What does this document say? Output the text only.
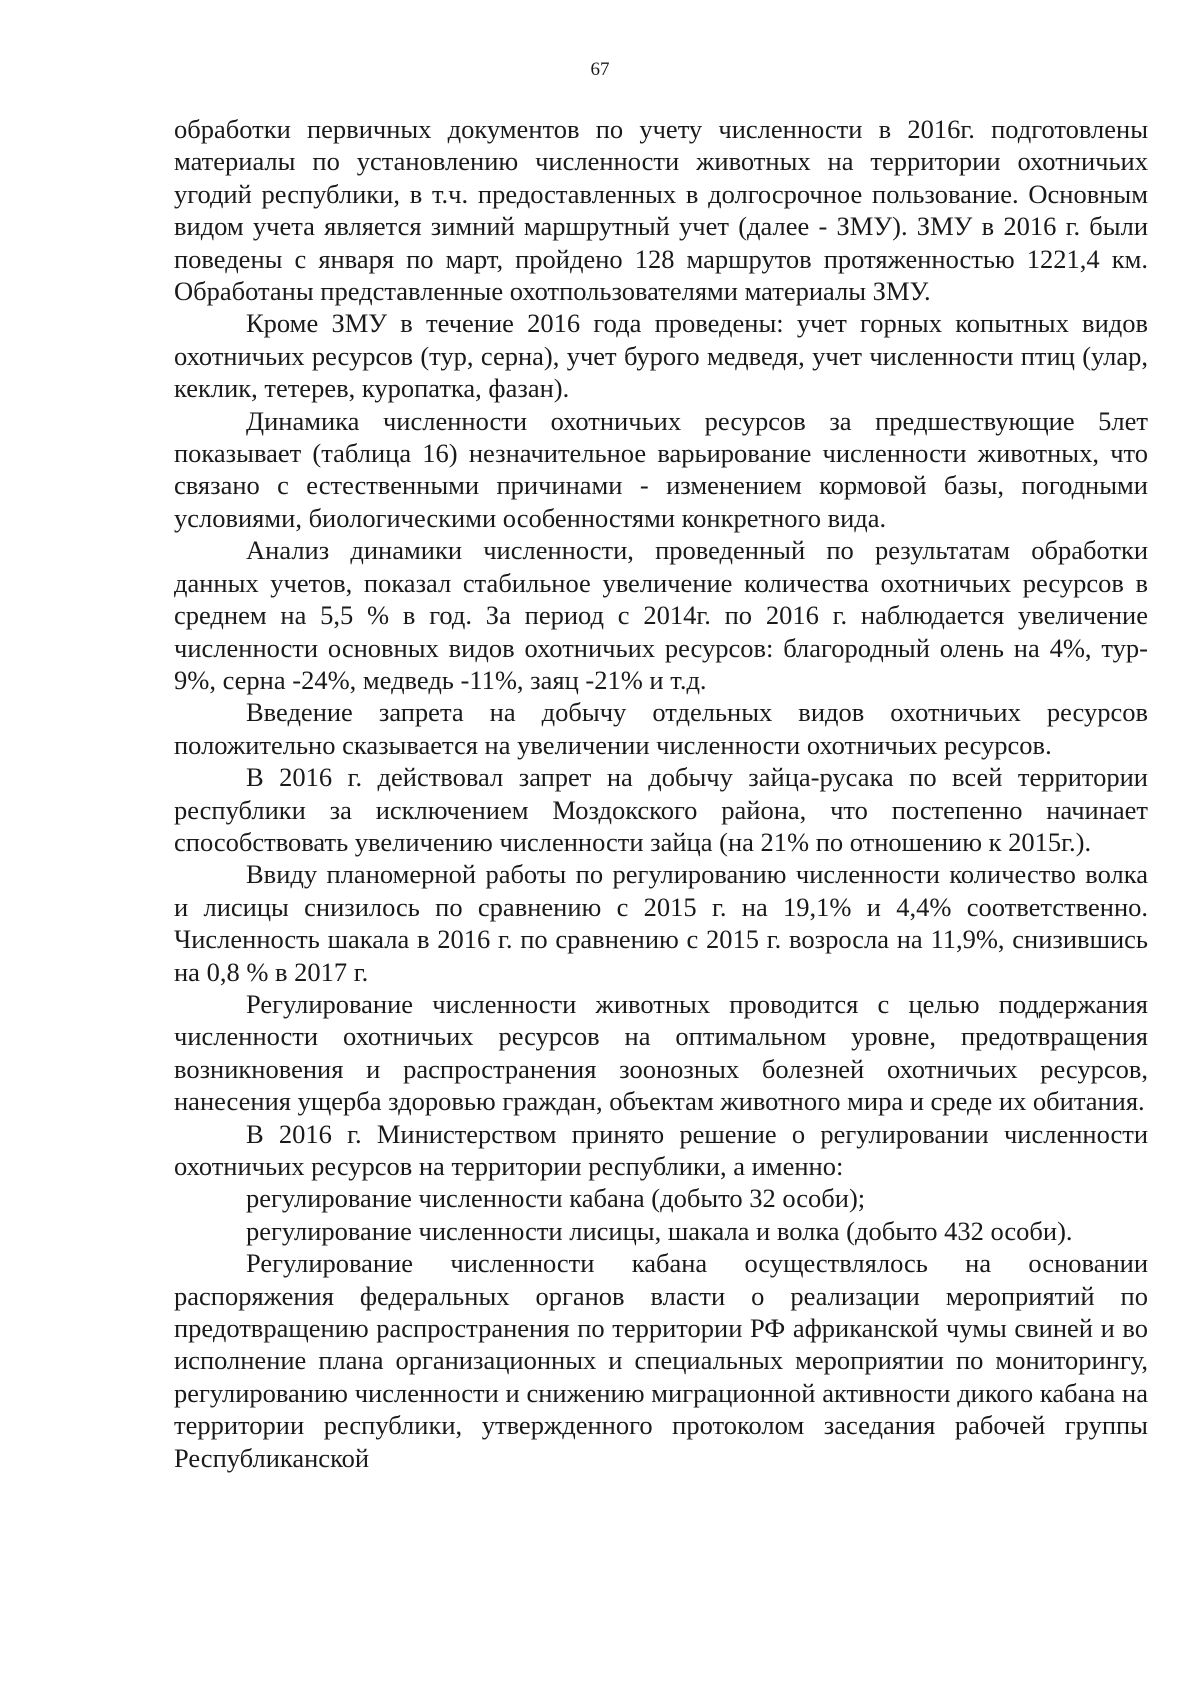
67

обработки первичных документов по учету численности в 2016г. подготовлены материалы по установлению численности животных на территории охотничьих угодий республики, в т.ч. предоставленных в долгосрочное пользование. Основным видом учета является зимний маршрутный учет (далее - ЗМУ). ЗМУ в 2016 г. были поведены с января по март, пройдено 128 маршрутов протяженностью 1221,4 км. Обработаны представленные охотпользователями материалы ЗМУ.

Кроме ЗМУ в течение 2016 года проведены: учет горных копытных видов охотничьих ресурсов (тур, серна), учет бурого медведя, учет численности птиц (улар, кеклик, тетерев, куропатка, фазан).

Динамика численности охотничьих ресурсов за предшествующие 5лет показывает (таблица 16) незначительное варьирование численности животных, что связано с естественными причинами - изменением кормовой базы, погодными условиями, биологическими особенностями конкретного вида.

Анализ динамики численности, проведенный по результатам обработки данных учетов, показал стабильное увеличение количества охотничьих ресурсов в среднем на 5,5 % в год. За период с 2014г. по 2016 г. наблюдается увеличение численности основных видов охотничьих ресурсов: благородный олень на 4%, тур- 9%, серна -24%, медведь -11%, заяц -21% и т.д.

Введение запрета на добычу отдельных видов охотничьих ресурсов положительно сказывается на увеличении численности охотничьих ресурсов.

В 2016 г. действовал запрет на добычу зайца-русака по всей территории республики за исключением Моздокского района, что постепенно начинает способствовать увеличению численности зайца (на 21% по отношению к 2015г.).

Ввиду планомерной работы по регулированию численности количество волка и лисицы снизилось по сравнению с 2015 г. на 19,1% и 4,4% соответственно. Численность шакала в 2016 г. по сравнению с 2015 г. возросла на 11,9%, снизившись на 0,8 % в 2017 г.

Регулирование численности животных проводится с целью поддержания численности охотничьих ресурсов на оптимальном уровне, предотвращения возникновения и распространения зоонозных болезней охотничьих ресурсов, нанесения ущерба здоровью граждан, объектам животного мира и среде их обитания.

В 2016 г. Министерством принято решение о регулировании численности охотничьих ресурсов на территории республики, а именно:

регулирование численности кабана (добыто 32 особи);

регулирование численности лисицы, шакала и волка (добыто 432 особи).

Регулирование численности кабана осуществлялось на основании распоряжения федеральных органов власти о реализации мероприятий по предотвращению распространения по территории РФ африканской чумы свиней и во исполнение плана организационных и специальных мероприятии по мониторингу, регулированию численности и снижению миграционной активности дикого кабана на территории республики, утвержденного протоколом заседания рабочей группы Республиканской
